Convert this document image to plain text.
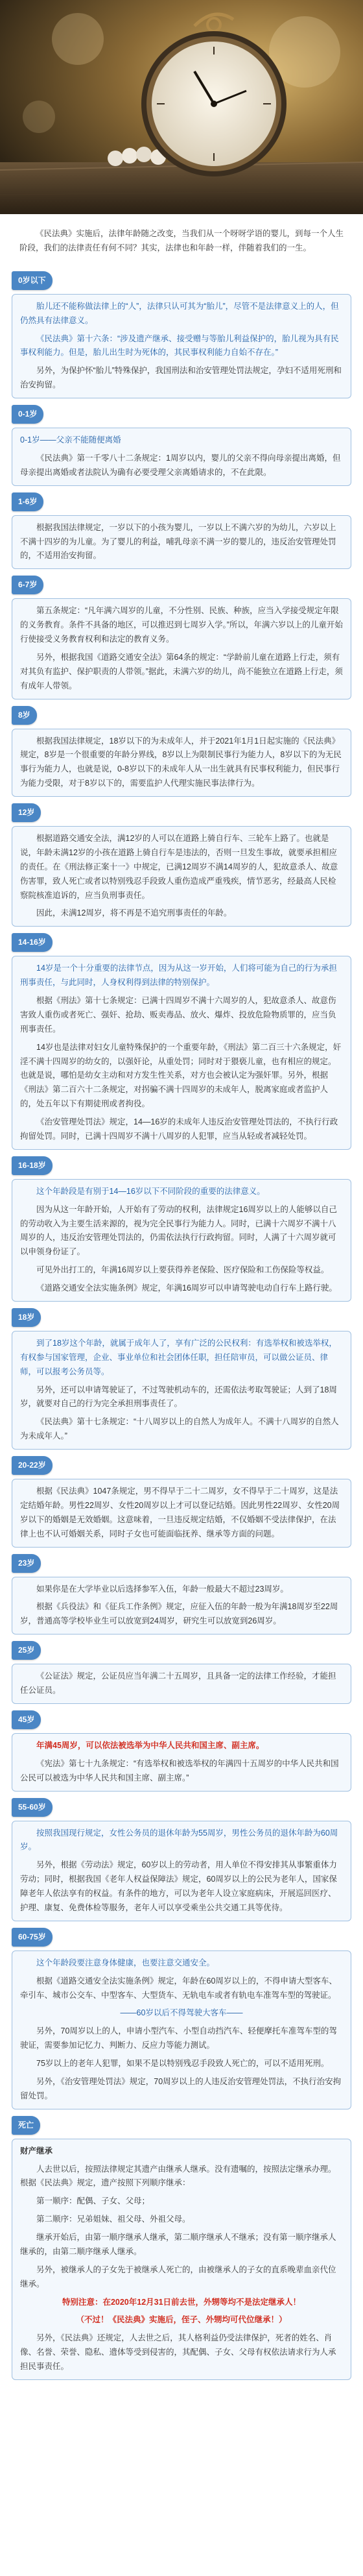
《民法典》实施后，法律年龄随之改变，当我们从一个呀呀学语的婴儿，到每一个人生阶段，我们的法律责任有何不同？其实，法律也和年龄一样，伴随着我们的一生。

0岁以下

胎儿还不能称做法律上的“人”，法律只认可其为“胎儿”，尽管不是法律意义上的人，但仍然具有法律意义。

《民法典》第十六条：“涉及遗产继承、接受赠与等胎儿利益保护的，胎儿视为具有民事权利能力。但是，胎儿出生时为死体的，其民事权利能力自始不存在。”

另外，为保护怀“胎儿”特殊保护，我国刑法和治安管理处罚法规定，孕妇不适用死刑和治安拘留。

0-1岁

0-1岁——父亲不能随便离婚

《民法典》第一千零八十二条规定：1周岁以内，婴儿的父亲不得向母亲提出离婚，但母亲提出离婚或者法院认为确有必要受理父亲离婚请求的，不在此限。

1-6岁

根据我国法律规定，一岁以下的小孩为婴儿，一岁以上不满六岁的为幼儿，六岁以上不满十四岁的为儿童。为了婴儿的利益，哺乳母亲不满一岁的婴儿的，违反治安管理处罚的，不适用治安拘留。

6-7岁

第五条规定：“凡年满六周岁的儿童，不分性别、民族、种族，应当入学接受规定年限的义务教育。条件不具备的地区，可以推迟到七周岁入学。”所以，年满六岁以上的儿童开始行使接受义务教育权利和法定的教育义务。

另外，根据我国《道路交通安全法》第64条的规定：“学龄前儿童在道路上行走，须有对其负有监护、保护职责的人带领。”据此，未满六岁的幼儿，尚不能独立在道路上行走，须有成年人带领。

8岁

根据我国法律规定，18岁以下的为未成年人，并于2021年1月1日起实施的《民法典》规定，8岁是一个很重要的年龄分界线，8岁以上为限制民事行为能力人，8岁以下的为无民事行为能力人，也就是说，0-8岁以下的未成年人从一出生就具有民事权利能力，但民事行为能力受限，对于8岁以下的，需要监护人代理实施民事法律行为。

12岁

根据道路交通安全法，满12岁的人可以在道路上骑自行车、三轮车上路了。也就是说，年龄未满12岁的小孩在道路上骑自行车是违法的，否则一旦发生事故，就要承担相应的责任。在《刑法修正案十一》中规定，已满12周岁不满14周岁的人，犯故意杀人、故意伤害罪，致人死亡或者以特别残忍手段致人重伤造成严重残疾，情节恶劣，经最高人民检察院核准追诉的，应当负刑事责任。

因此，未满12周岁，将不再是不追究刑事责任的年龄。

14-16岁

14岁是一个十分重要的法律节点，因为从这一岁开始，人们将可能为自己的行为承担刑事责任，与此同时，人身权利得到法律的特别保护。

根据《刑法》第十七条规定：已满十四周岁不满十六周岁的人，犯故意杀人、故意伤害致人重伤或者死亡、强奸、抢劫、贩卖毒品、放火、爆炸、投放危险物质罪的，应当负刑事责任。

14岁也是法律对妇女儿童特殊保护的一个重要年龄，《刑法》第二百三十六条规定，奸淫不满十四周岁的幼女的，以强奸论，从重处罚；同时对于猥亵儿童，也有相应的规定。也就是说，哪怕是幼女主动和对方发生性关系，对方也会被认定为强奸罪。另外，根据《刑法》第二百六十二条规定，对拐骗不满十四周岁的未成年人，脱离家庭或者监护人的，处五年以下有期徒刑或者拘役。

《治安管理处罚法》规定，14—16岁的未成年人违反治安管理处罚法的，不执行行政拘留处罚。同时，已满十四周岁不满十八周岁的人犯罪，应当从轻或者减轻处罚。

16-18岁

这个年龄段是有别于14—16岁以下不同阶段的重要的法律意义。

因为从这一年龄开始，人开始有了劳动的权利，法律规定16周岁以上的人能够以自己的劳动收入为主要生活来源的，视为完全民事行为能力人。同时，已满十六周岁不满十八周岁的人，违反治安管理处罚法的，仍需依法执行行政拘留。同时，人满了十六周岁就可以申领身份证了。

可见外出打工的，年满16周岁以上要获得养老保险、医疗保险和工伤保险等权益。

《道路交通安全法实施条例》规定，年满16周岁可以申请驾驶电动自行车上路行驶。

18岁

到了18岁这个年龄，就属于成年人了，享有广泛的公民权利：有选举权和被选举权，有权参与国家管理，企业、事业单位和社会团体任职，担任陪审员，可以做公证员、律师，可以报考公务员等。

另外，还可以申请驾驶证了，不过驾驶机动车的，还需依法考取驾驶证；人到了18周岁，就要对自己的行为完全承担刑事责任了。

《民法典》第十七条规定：“十八周岁以上的自然人为成年人。不满十八周岁的自然人为未成年人。”

20-22岁

根据《民法典》1047条规定，男不得早于二十二周岁，女不得早于二十周岁，这是法定结婚年龄。男性22周岁、女性20周岁以上才可以登记结婚。因此男性22周岁、女性20周岁以下的婚姻是无效婚姻。这意味着，一旦违反规定结婚，不仅婚姻不受法律保护，在法律上也不认可婚姻关系，同时子女也可能面临抚养、继承等方面的问题。

23岁

如果你是在大学毕业以后选择参军入伍，年龄一般最大不超过23周岁。

根据《兵役法》和《征兵工作条例》规定，应征入伍的年龄一般为年满18周岁至22周岁，普通高等学校毕业生可以放宽到24周岁，研究生可以放宽到26周岁。

25岁

《公证法》规定，公证员应当年满二十五周岁，且具备一定的法律工作经验，才能担任公证员。

45岁

年满45周岁，可以依法被选举为中华人民共和国主席、副主席。

《宪法》第七十九条规定：“有选举权和被选举权的年满四十五周岁的中华人民共和国公民可以被选为中华人民共和国主席、副主席。”

55-60岁

按照我国现行规定，女性公务员的退休年龄为55周岁，男性公务员的退休年龄为60周岁。

另外，根据《劳动法》规定，60岁以上的劳动者，用人单位不得安排其从事繁重体力劳动；同时，根据我国《老年人权益保障法》规定，60周岁以上的公民为老年人，国家保障老年人依法享有的权益。有条件的地方，可以为老年人设立家庭病床，开展巡回医疗、护理、康复、免费体检等服务，老年人可以享受乘坐公共交通工具等优待。

60-75岁

这个年龄段要注意身体健康，也要注意交通安全。

根据《道路交通安全法实施条例》规定，年龄在60周岁以上的，不得申请大型客车、牵引车、城市公交车、中型客车、大型货车、无轨电车或者有轨电车准驾车型的驾驶证。

——60岁以后不得驾驶大客车——

另外，70周岁以上的人，申请小型汽车、小型自动挡汽车、轻便摩托车准驾车型的驾驶证，需要参加记忆力、判断力、反应力等能力测试。

75岁以上的老年人犯罪，如果不是以特别残忍手段致人死亡的，可以不适用死刑。

另外，《治安管理处罚法》规定，70周岁以上的人违反治安管理处罚法，不执行治安拘留处罚。

死亡

财产继承

人去世以后，按照法律规定其遗产由继承人继承。没有遗嘱的，按照法定继承办理。根据《民法典》规定，遗产按照下列顺序继承：

第一顺序：配偶、子女、父母；

第二顺序：兄弟姐妹、祖父母、外祖父母。

继承开始后，由第一顺序继承人继承，第二顺序继承人不继承；没有第一顺序继承人继承的，由第二顺序继承人继承。

另外，被继承人的子女先于被继承人死亡的，由被继承人的子女的直系晚辈血亲代位继承。

特别注意：在2020年12月31日前去世，外甥等均不是法定继承人！

（不过！《民法典》实施后，侄子、外甥均可代位继承！）

另外，《民法典》还规定，人去世之后，其人格利益仍受法律保护，死者的姓名、肖像、名誉、荣誉、隐私、遗体等受到侵害的，其配偶、子女、父母有权依法请求行为人承担民事责任。
